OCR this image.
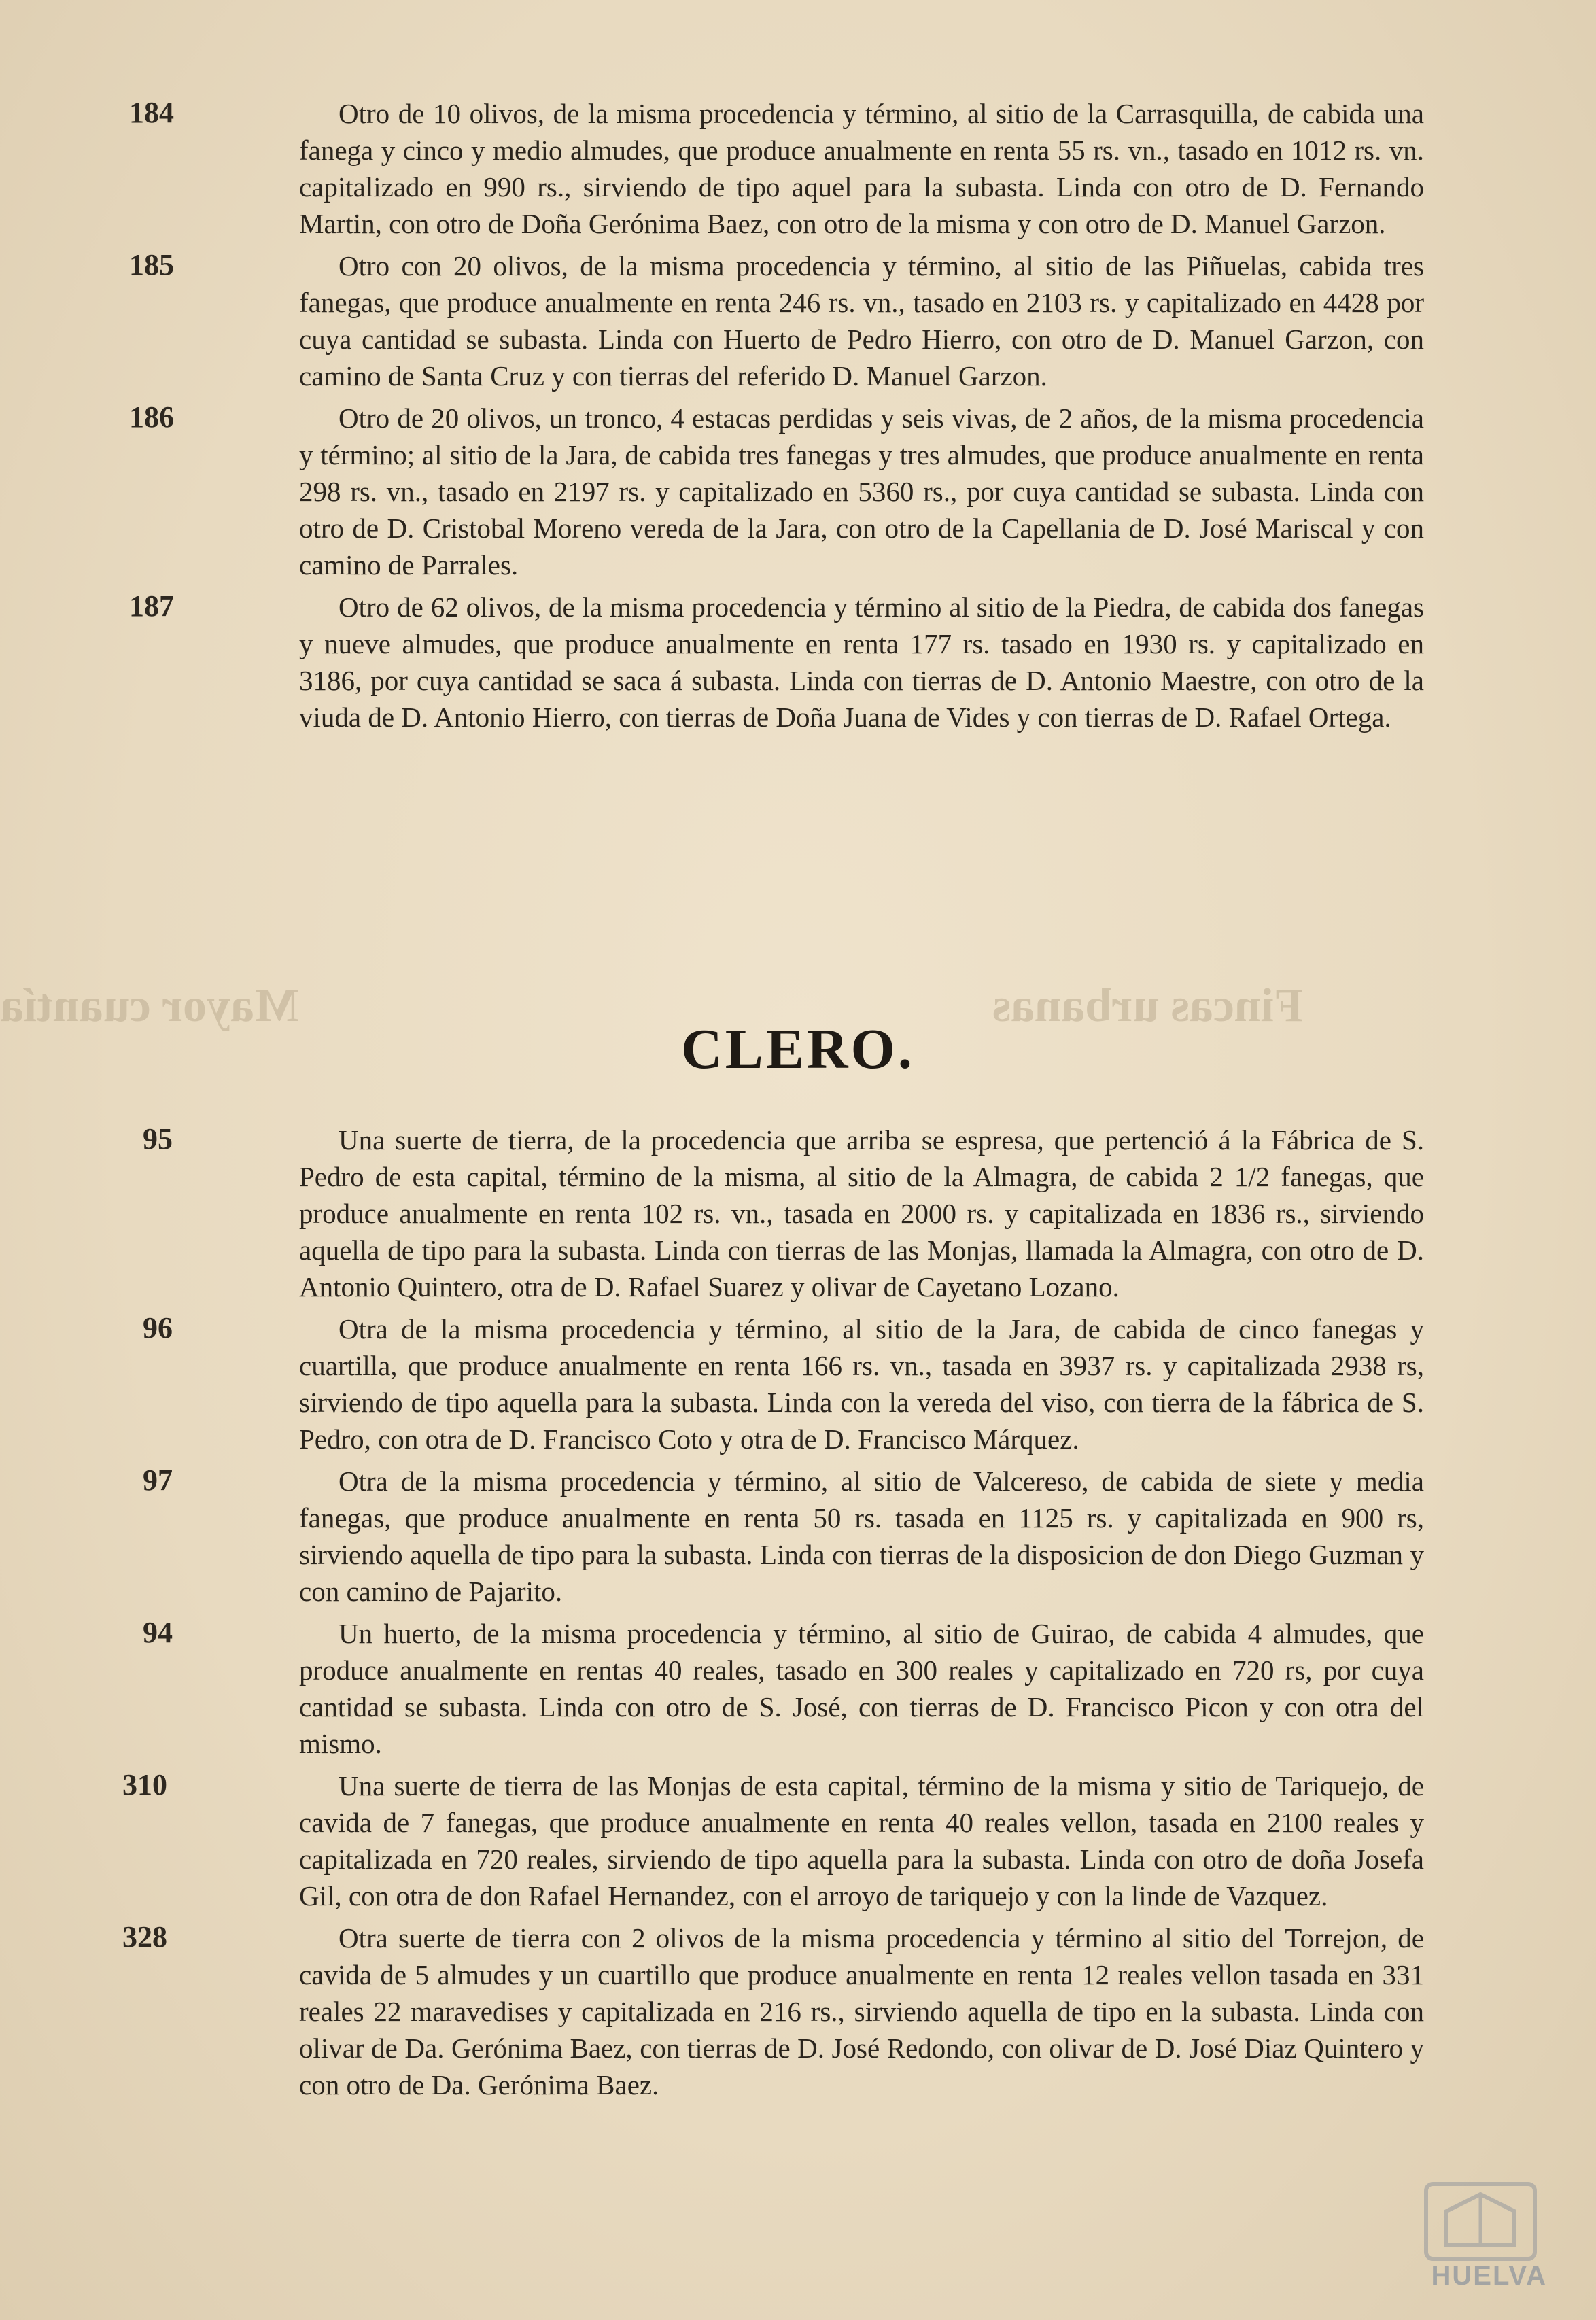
Fincas urbanas
Mayor cuantía
184	Otro de 10 olivos, de la misma procedencia y término, al sitio de la Carrasquilla, de cabida una fanega y cinco y medio almudes, que produce anualmente en renta 55 rs. vn., tasado en 1012 rs. vn. capitalizado en 990 rs., sirviendo de tipo aquel para la subasta. Linda con otro de D. Fernando Martin, con otro de Doña Gerónima Baez, con otro de la misma y con otro de D. Manuel Garzon.
185	Otro con 20 olivos, de la misma procedencia y término, al sitio de las Piñuelas, cabida tres fanegas, que produce anualmente en renta 246 rs. vn., tasado en 2103 rs. y capitalizado en 4428 por cuya cantidad se subasta. Linda con Huerto de Pedro Hierro, con otro de D. Manuel Garzon, con camino de Santa Cruz y con tierras del referido D. Manuel Garzon.
186	Otro de 20 olivos, un tronco, 4 estacas perdidas y seis vivas, de 2 años, de la misma procedencia y término; al sitio de la Jara, de cabida tres fanegas y tres almudes, que produce anualmente en renta 298 rs. vn., tasado en 2197 rs. y capitalizado en 5360 rs., por cuya cantidad se subasta. Linda con otro de D. Cristobal Moreno vereda de la Jara, con otro de la Capellania de D. José Mariscal y con camino de Parrales.
187	Otro de 62 olivos, de la misma procedencia y término al sitio de la Piedra, de cabida dos fanegas y nueve almudes, que produce anualmente en renta 177 rs. tasado en 1930 rs. y capitalizado en 3186, por cuya cantidad se saca á subasta. Linda con tierras de D. Antonio Maestre, con otro de la viuda de D. Antonio Hierro, con tierras de Doña Juana de Vides y con tierras de D. Rafael Ortega.
CLERO.
95	Una suerte de tierra, de la procedencia que arriba se espresa, que pertenció á la Fábrica de S. Pedro de esta capital, término de la misma, al sitio de la Almagra, de cabida 2 1/2 fanegas, que produce anualmente en renta 102 rs. vn., tasada en 2000 rs. y capitalizada en 1836 rs., sirviendo aquella de tipo para la subasta. Linda con tierras de las Monjas, llamada la Almagra, con otro de D. Antonio Quintero, otra de D. Rafael Suarez y olivar de Cayetano Lozano.
96	Otra de la misma procedencia y término, al sitio de la Jara, de cabida de cinco fanegas y cuartilla, que produce anualmente en renta 166 rs. vn., tasada en 3937 rs. y capitalizada 2938 rs, sirviendo de tipo aquella para la subasta. Linda con la vereda del viso, con tierra de la fábrica de S. Pedro, con otra de D. Francisco Coto y otra de D. Francisco Márquez.
97	Otra de la misma procedencia y término, al sitio de Valcereso, de cabida de siete y media fanegas, que produce anualmente en renta 50 rs. tasada en 1125 rs. y capitalizada en 900 rs, sirviendo aquella de tipo para la subasta. Linda con tierras de la disposicion de don Diego Guzman y con camino de Pajarito.
94	Un huerto, de la misma procedencia y término, al sitio de Guirao, de cabida 4 almudes, que produce anualmente en rentas 40 reales, tasado en 300 reales y capitalizado en 720 rs, por cuya cantidad se subasta. Linda con otro de S. José, con tierras de D. Francisco Picon y con otra del mismo.
310	Una suerte de tierra de las Monjas de esta capital, término de la misma y sitio de Tariquejo, de cavida de 7 fanegas, que produce anualmente en renta 40 reales vellon, tasada en 2100 reales y capitalizada en 720 reales, sirviendo de tipo aquella para la subasta. Linda con otro de doña Josefa Gil, con otra de don Rafael Hernandez, con el arroyo de tariquejo y con la linde de Vazquez.
328	Otra suerte de tierra con 2 olivos de la misma procedencia y término al sitio del Torrejon, de cavida de 5 almudes y un cuartillo que produce anualmente en renta 12 reales vellon tasada en 331 reales 22 maravedises y capitalizada en 216 rs., sirviendo aquella de tipo en la subasta. Linda con olivar de Da. Gerónima Baez, con tierras de D. José Redondo, con olivar de D. José Diaz Quintero y con otro de Da. Gerónima Baez.
HUELVA
